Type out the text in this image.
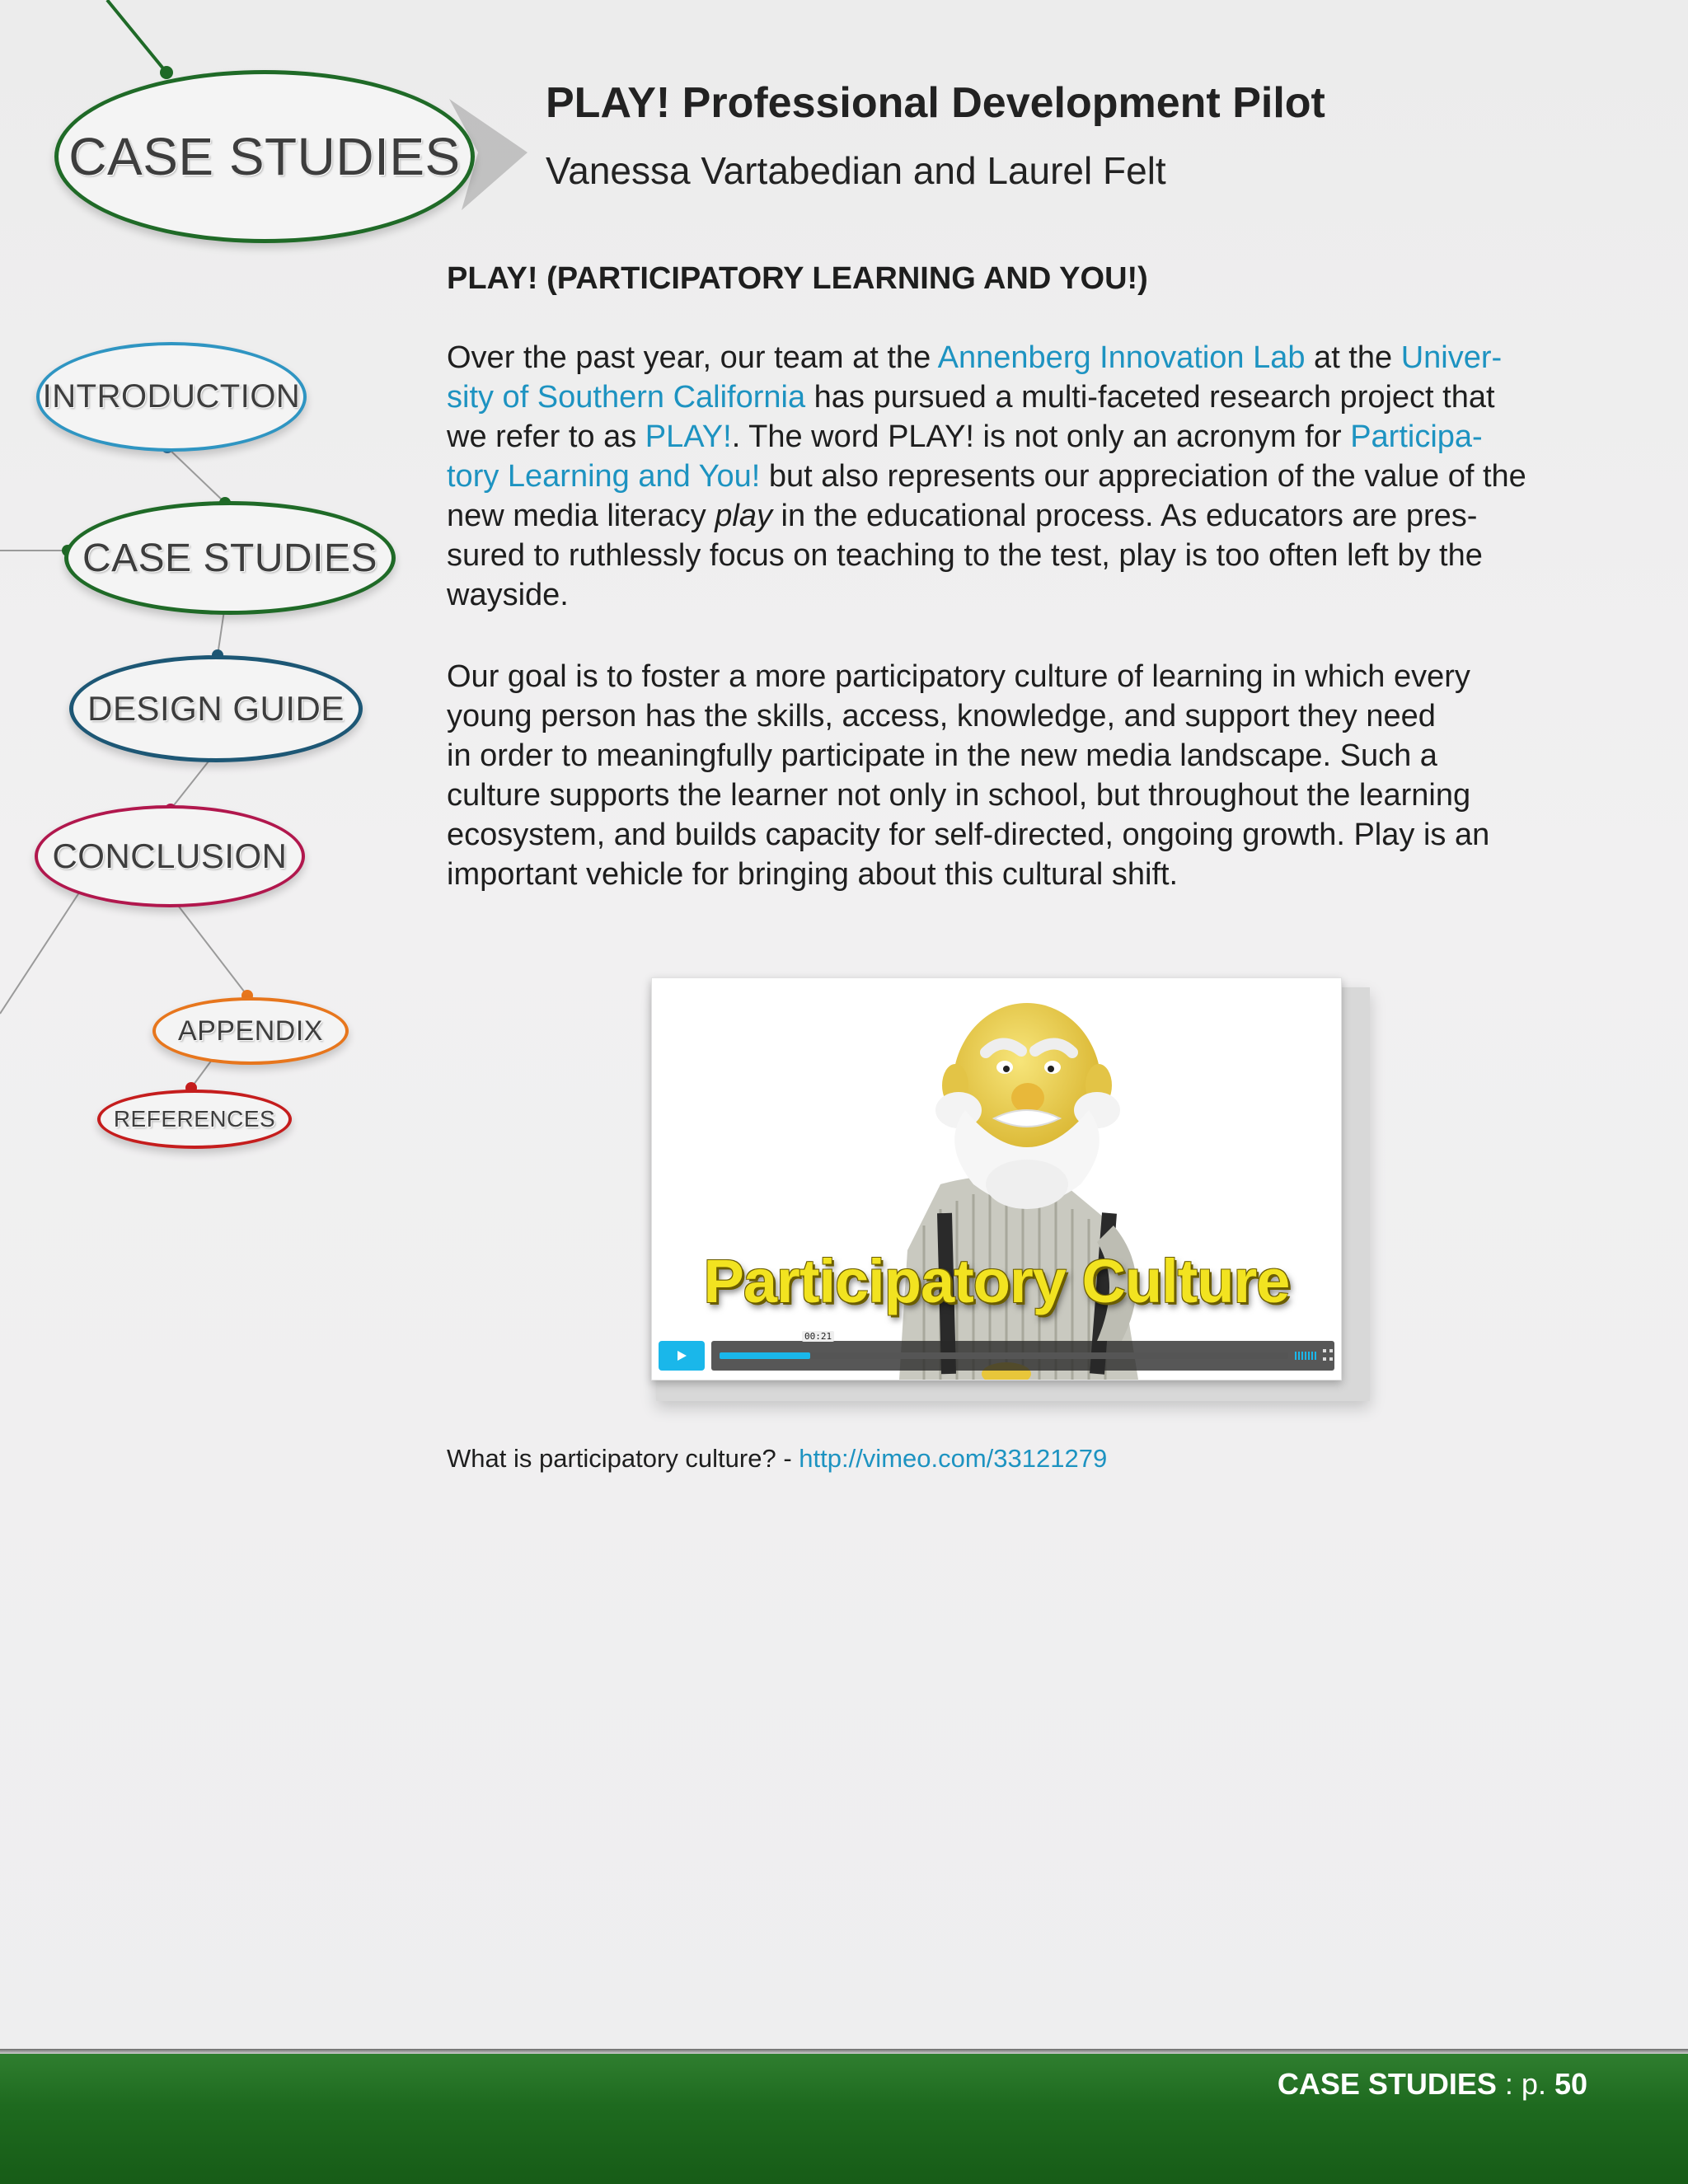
CASE STUDIES
INTRODUCTION
CASE STUDIES
DESIGN GUIDE
CONCLUSION
APPENDIX
REFERENCES
PLAY! Professional Development Pilot
Vanessa Vartabedian and Laurel Felt
PLAY! (PARTICIPATORY LEARNING AND YOU!)
Over the past year, our team at the Annenberg Innovation Lab at the Univer-
sity of Southern California has pursued a multi-faceted research project that
we refer to as PLAY!. The word PLAY! is not only an acronym for Participa-
tory Learning and You! but also represents our appreciation of the value of the
new media literacy play in the educational process. As educators are pres-
sured to ruthlessly focus on teaching to the test, play is too often left by the
wayside.
Our goal is to foster a more participatory culture of learning in which every
young person has the skills, access, knowledge, and support they need
in order to meaningfully participate in the new media landscape. Such a
culture supports the learner not only in school, but throughout the learning
ecosystem, and builds capacity for self-directed, ongoing growth. Play is an
important vehicle for bringing about this cultural shift.
Participatory Culture
00:21
What is participatory culture? - http://vimeo.com/33121279
CASE STUDIES : p. 50
